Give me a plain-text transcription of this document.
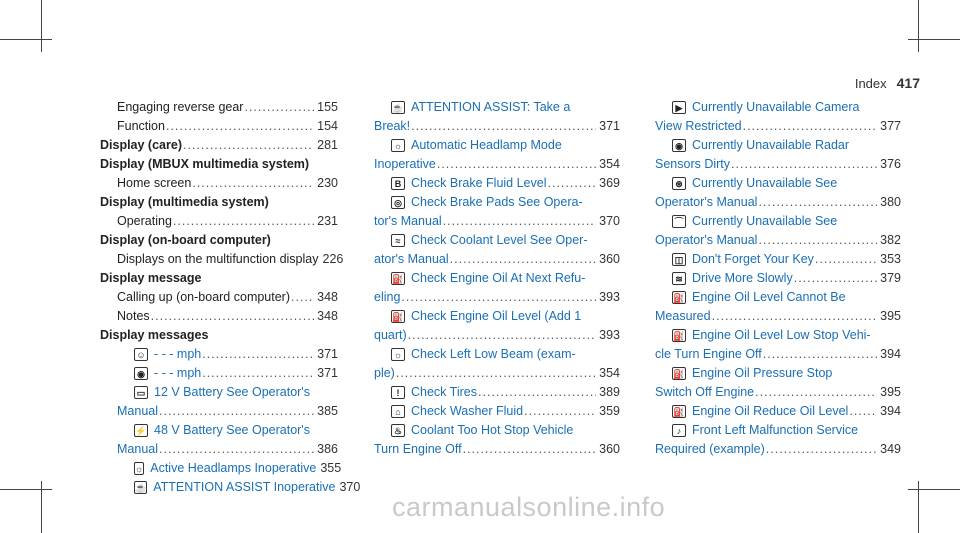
Index 417
Engaging reverse gear .....	155
Function .....	154
Display (care) .....	281
Display (MBUX multimedia system)
Home screen .....	230
Display (multimedia system)
Operating .....	231
Display (on-board computer)
Displays on the multifunction display 226
Display message
Calling up (on-board computer) ..... 348
Notes .....	348
Display messages
☺ - - - mph .....	371
◉ - - - mph .....	371
▭ 12 V Battery See Operator's
Manual .....	385
⚡ 48 V Battery See Operator's
Manual .....	386
☼ Active Headlamps Inoperative 355
☕ ATTENTION ASSIST Inoperative 370
☕ ATTENTION ASSIST: Take a
Break! .....	371
☼ Automatic Headlamp Mode
Inoperative .....	354
B Check Brake Fluid Level .....	369
◎ Check Brake Pads See Opera-
tor's Manual .....	370
≈ Check Coolant Level See Oper-
ator's Manual .....	360
⛽ Check Engine Oil At Next Refu-
eling .....	393
⛽ Check Engine Oil Level (Add 1
quart) .....	393
☼ Check Left Low Beam (exam-
ple) .....	354
! Check Tires .....	389
⌂ Check Washer Fluid .....	359
♨ Coolant Too Hot Stop Vehicle
Turn Engine Off .....	360
▶ Currently Unavailable Camera
View Restricted .....	377
◉ Currently Unavailable Radar
Sensors Dirty .....	376
⊛ Currently Unavailable See
Operator's Manual .....	380
⌒ Currently Unavailable See
Operator's Manual .....	382
◫ Don't Forget Your Key .....	353
≋ Drive More Slowly .....	379
⛽ Engine Oil Level Cannot Be
Measured .....	395
⛽ Engine Oil Level Low Stop Vehi-
cle Turn Engine Off .....	394
⛽ Engine Oil Pressure Stop
Switch Off Engine .....	395
⛽ Engine Oil Reduce Oil Level .....	394
♪ Front Left Malfunction Service
Required (example) .....	349
carmanualsonline.info
